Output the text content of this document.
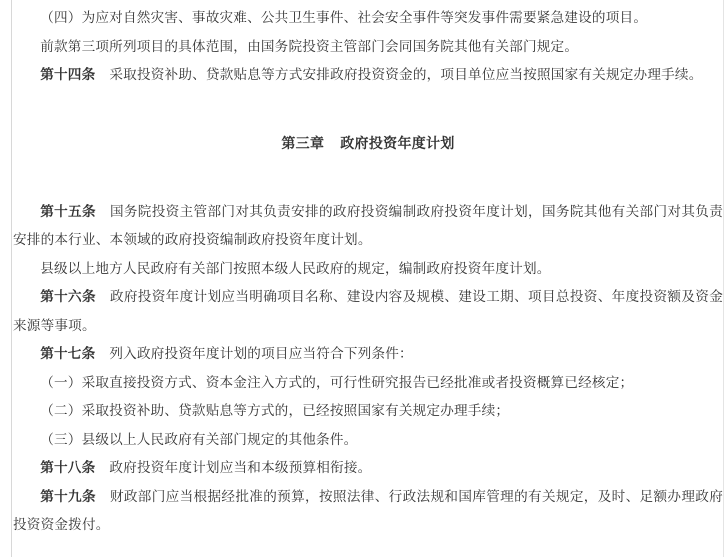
（四）为应对自然灾害、事故灾难、公共卫生事件、社会安全事件等突发事件需要紧急建设的项目。

前款第三项所列项目的具体范围，由国务院投资主管部门会同国务院其他有关部门规定。

第十四条 采取投资补助、贷款贴息等方式安排政府投资资金的，项目单位应当按照国家有关规定办理手续。

第三章 政府投资年度计划

第十五条 国务院投资主管部门对其负责安排的政府投资编制政府投资年度计划，国务院其他有关部门对其负责安排的本行业、本领域的政府投资编制政府投资年度计划。

县级以上地方人民政府有关部门按照本级人民政府的规定，编制政府投资年度计划。

第十六条 政府投资年度计划应当明确项目名称、建设内容及规模、建设工期、项目总投资、年度投资额及资金来源等事项。

第十七条 列入政府投资年度计划的项目应当符合下列条件：

（一）采取直接投资方式、资本金注入方式的，可行性研究报告已经批准或者投资概算已经核定；

（二）采取投资补助、贷款贴息等方式的，已经按照国家有关规定办理手续；

（三）县级以上人民政府有关部门规定的其他条件。

第十八条 政府投资年度计划应当和本级预算相衔接。

第十九条 财政部门应当根据经批准的预算，按照法律、行政法规和国库管理的有关规定，及时、足额办理政府投资资金拨付。
